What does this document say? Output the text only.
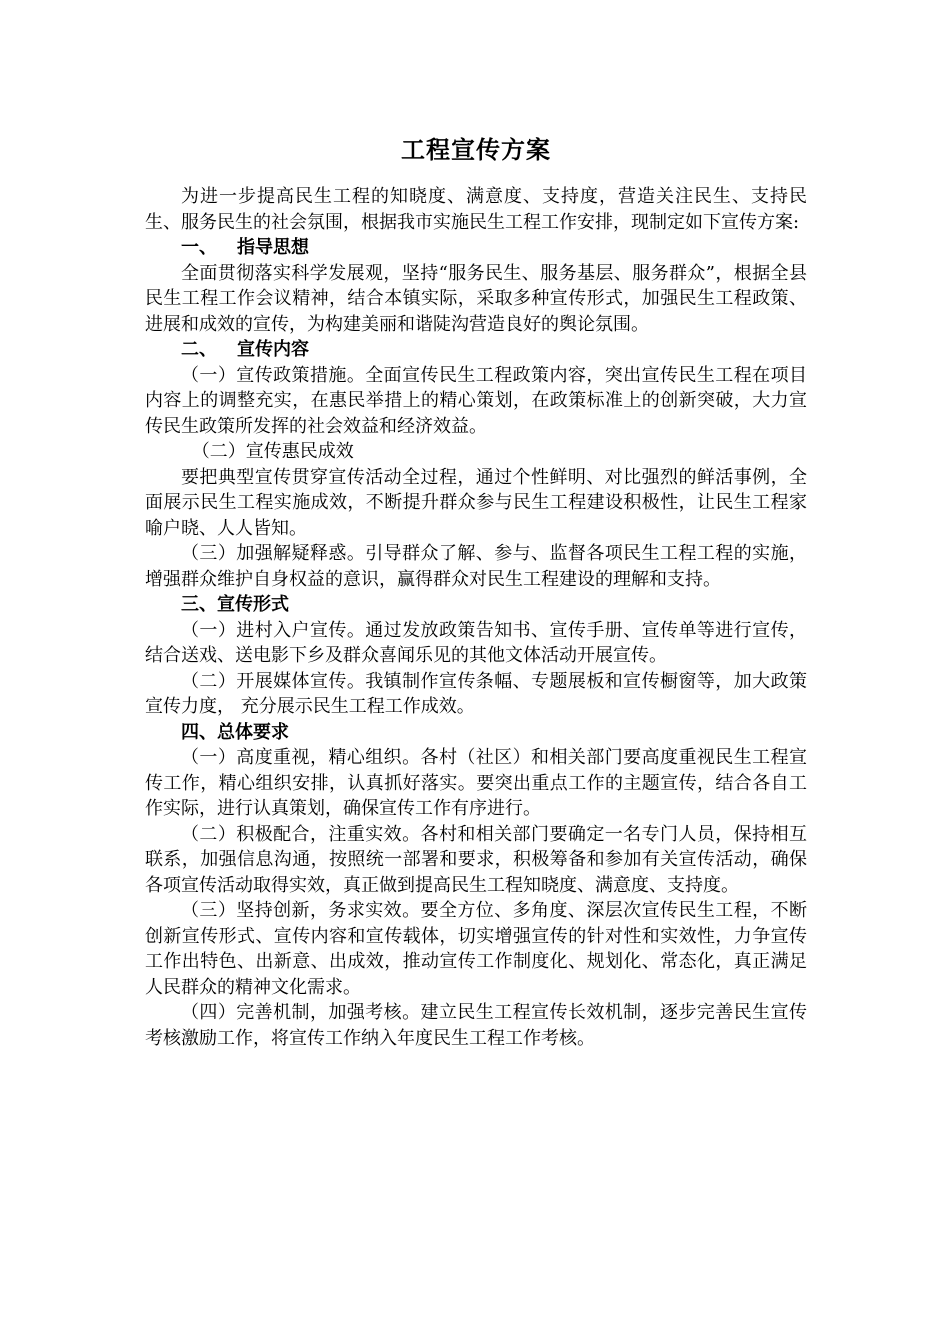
工程宣传方案

为进一步提高民生工程的知晓度、满意度、支持度，营造关注民生、支持民生、服务民生的社会氛围，根据我市实施民生工程工作安排，现制定如下宣传方案:

一、 指导思想

全面贯彻落实科学发展观，坚持“服务民生、服务基层、服务群众”，根据全县民生工程工作会议精神，结合本镇实际，采取多种宣传形式，加强民生工程政策、进展和成效的宣传，为构建美丽和谐陡沟营造良好的舆论氛围。

二、 宣传内容

（一）宣传政策措施。全面宣传民生工程政策内容，突出宣传民生工程在项目内容上的调整充实，在惠民举措上的精心策划，在政策标准上的创新突破，大力宣传民生政策所发挥的社会效益和经济效益。

（二）宣传惠民成效

要把典型宣传贯穿宣传活动全过程，通过个性鲜明、对比强烈的鲜活事例，全面展示民生工程实施成效，不断提升群众参与民生工程建设积极性，让民生工程家喻户晓、人人皆知。

（三）加强解疑释惑。引导群众了解、参与、监督各项民生工程工程的实施，增强群众维护自身权益的意识，赢得群众对民生工程建设的理解和支持。

三、宣传形式

（一）进村入户宣传。通过发放政策告知书、宣传手册、宣传单等进行宣传，结合送戏、送电影下乡及群众喜闻乐见的其他文体活动开展宣传。

（二）开展媒体宣传。我镇制作宣传条幅、专题展板和宣传橱窗等，加大政策宣传力度， 充分展示民生工程工作成效。

四、总体要求

（一）高度重视，精心组织。各村（社区）和相关部门要高度重视民生工程宣传工作，精心组织安排，认真抓好落实。要突出重点工作的主题宣传，结合各自工作实际，进行认真策划，确保宣传工作有序进行。

（二）积极配合，注重实效。各村和相关部门要确定一名专门人员，保持相互联系，加强信息沟通，按照统一部署和要求，积极筹备和参加有关宣传活动，确保各项宣传活动取得实效，真正做到提高民生工程知晓度、满意度、支持度。

（三）坚持创新，务求实效。要全方位、多角度、深层次宣传民生工程，不断创新宣传形式、宣传内容和宣传载体，切实增强宣传的针对性和实效性，力争宣传工作出特色、出新意、出成效，推动宣传工作制度化、规划化、常态化，真正满足人民群众的精神文化需求。

（四）完善机制，加强考核。建立民生工程宣传长效机制，逐步完善民生宣传考核激励工作，将宣传工作纳入年度民生工程工作考核。
